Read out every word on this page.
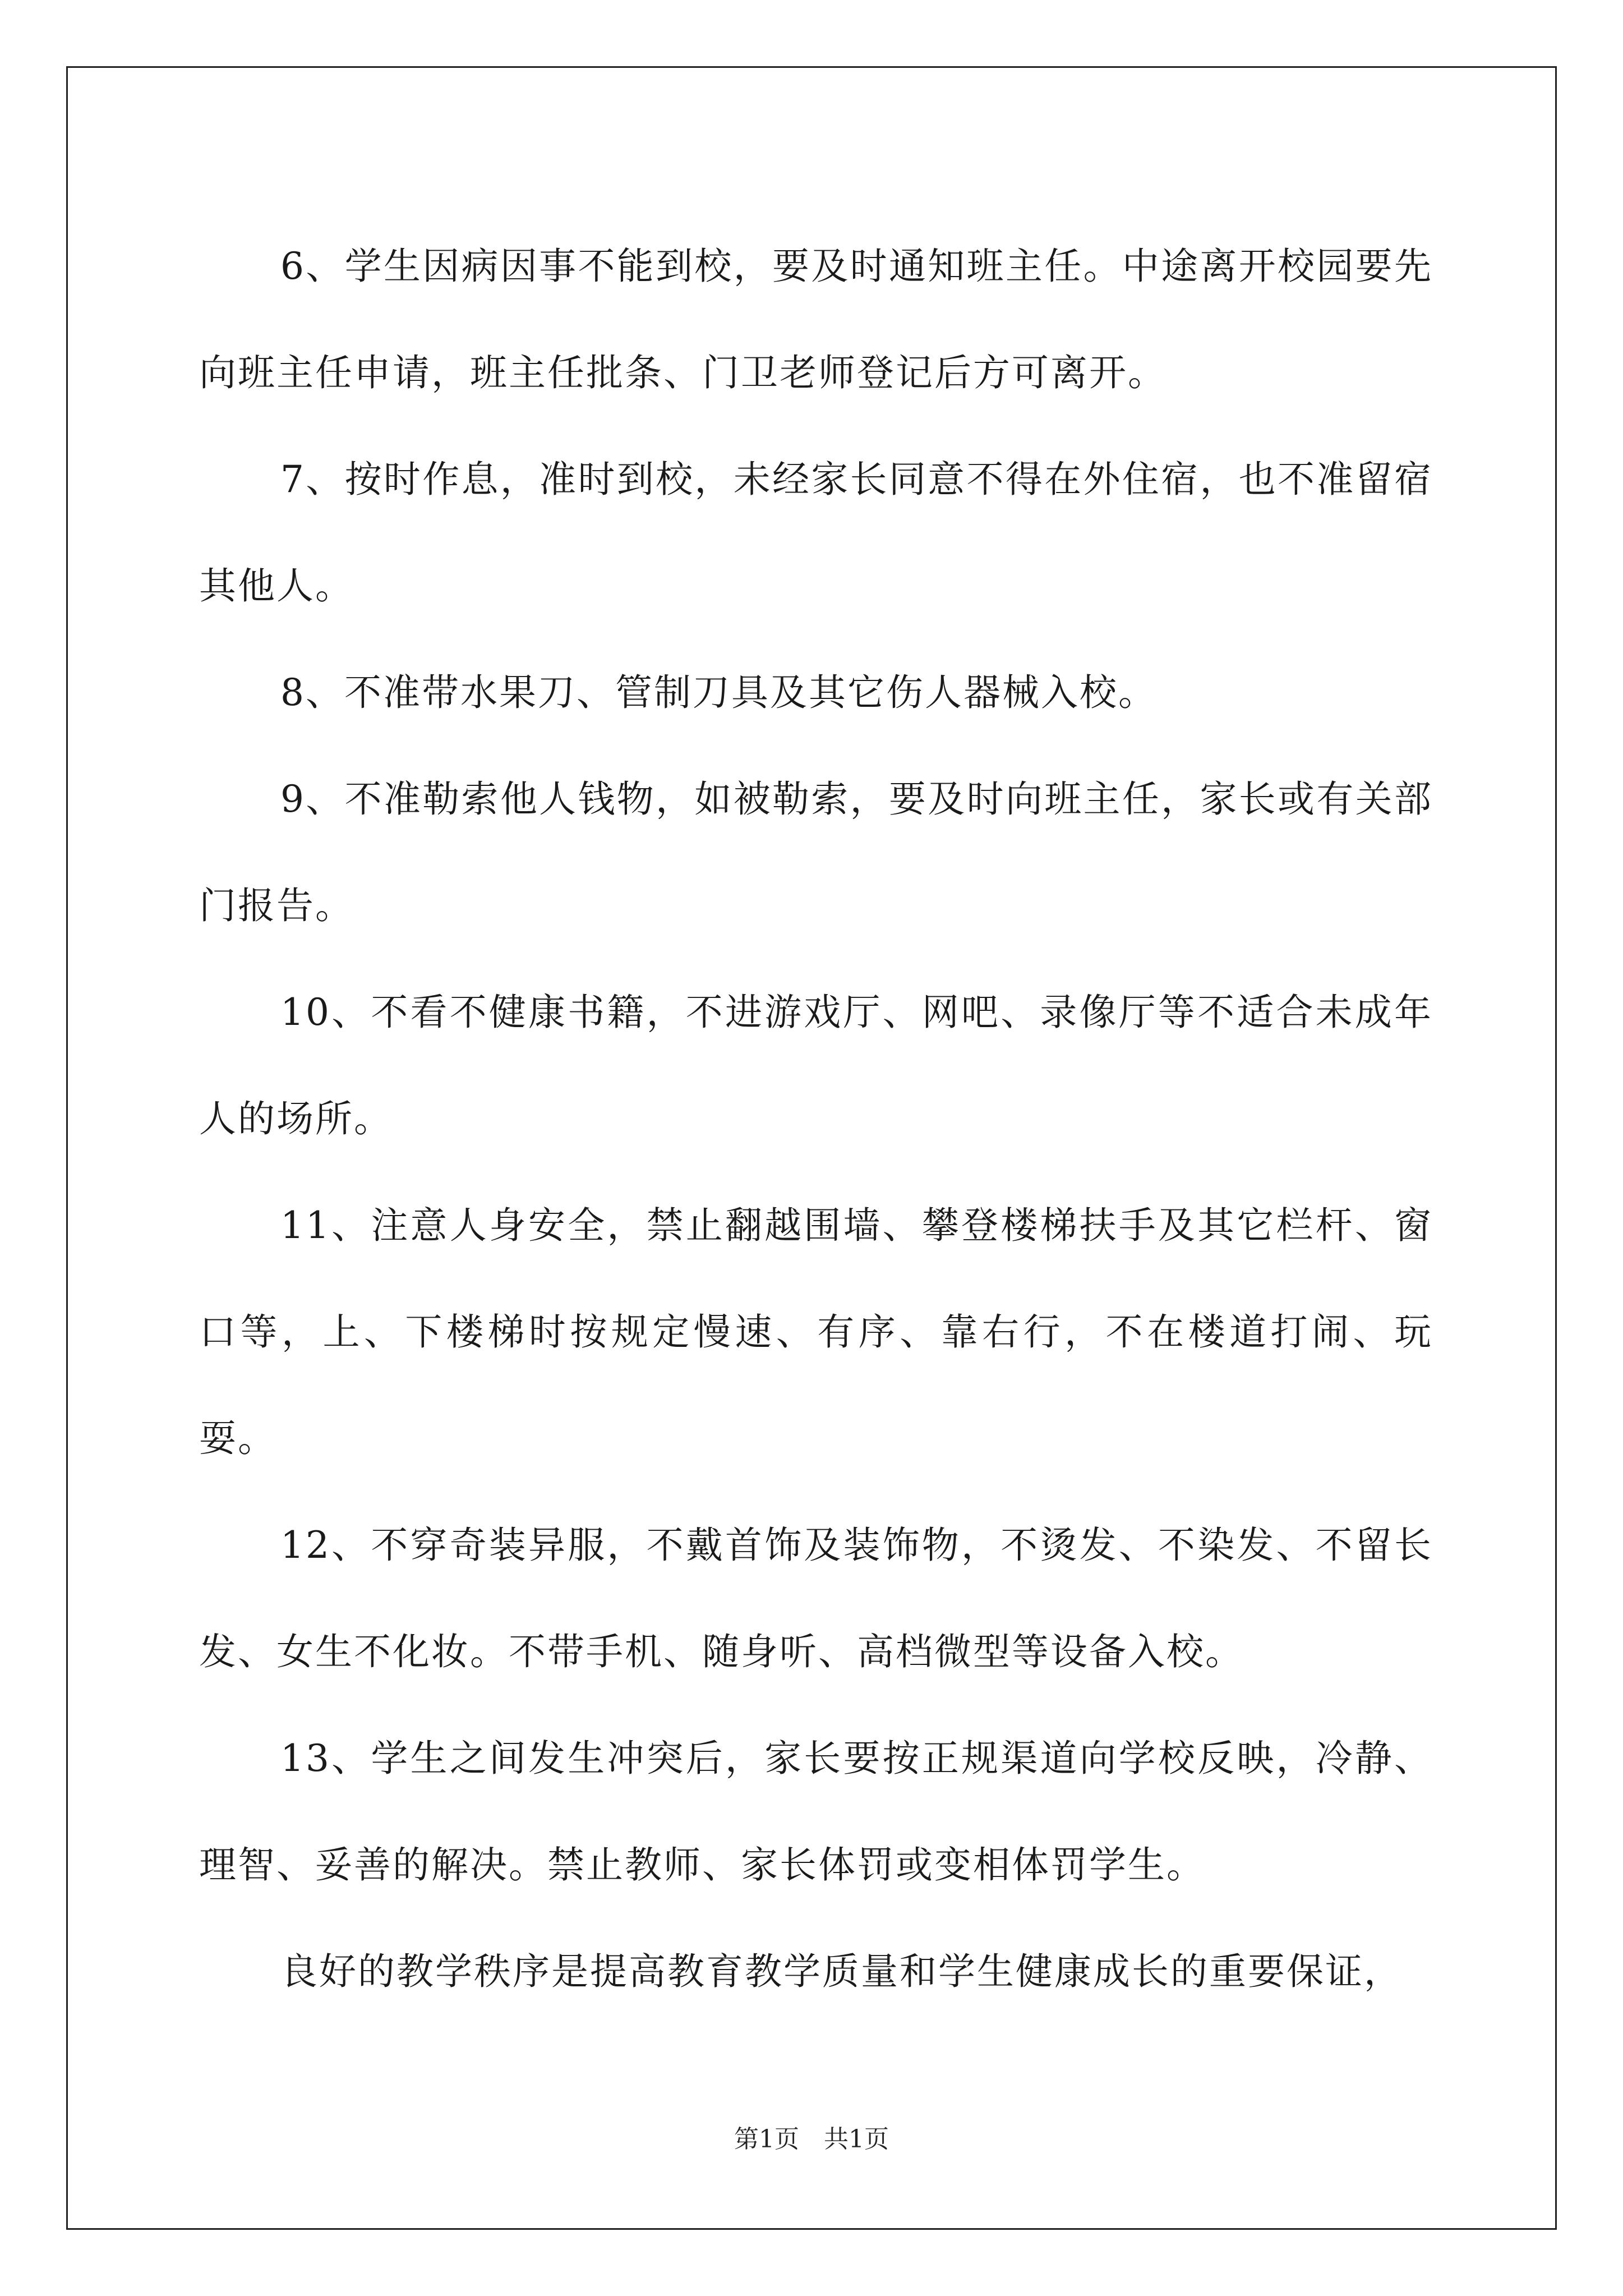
6、学生因病因事不能到校，要及时通知班主任。中途离开校园要先向班主任申请，班主任批条、门卫老师登记后方可离开。

7、按时作息，准时到校，未经家长同意不得在外住宿，也不准留宿其他人。

8、不准带水果刀、管制刀具及其它伤人器械入校。

9、不准勒索他人钱物，如被勒索，要及时向班主任，家长或有关部门报告。

10、不看不健康书籍，不进游戏厅、网吧、录像厅等不适合未成年人的场所。

11、注意人身安全，禁止翻越围墙、攀登楼梯扶手及其它栏杆、窗口等，上、下楼梯时按规定慢速、有序、靠右行，不在楼道打闹、玩耍。

12、不穿奇装异服，不戴首饰及装饰物，不烫发、不染发、不留长发、女生不化妆。不带手机、随身听、高档微型等设备入校。

13、学生之间发生冲突后，家长要按正规渠道向学校反映，冷静、理智、妥善的解决。禁止教师、家长体罚或变相体罚学生。

良好的教学秩序是提高教育教学质量和学生健康成长的重要保证，

第1页 共1页
